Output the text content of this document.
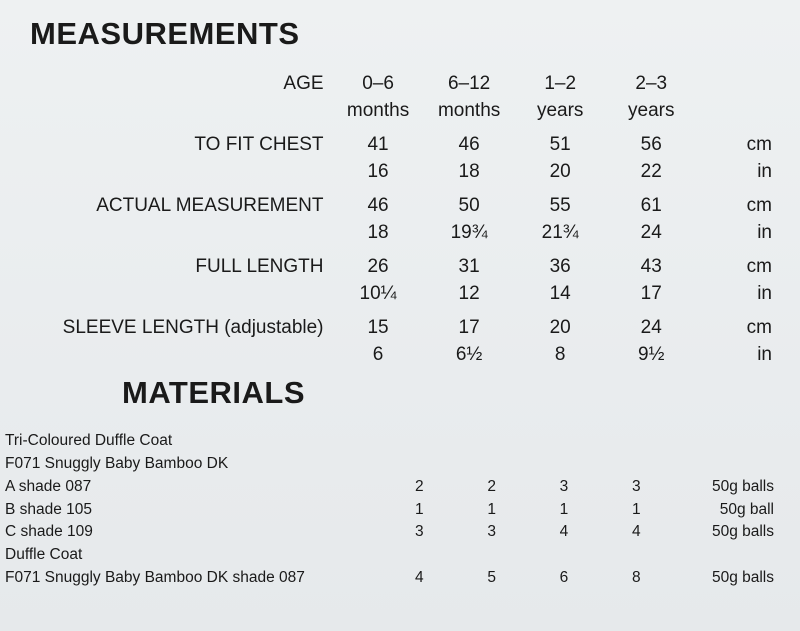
MEASUREMENTS
AGE	0–6	6–12	1–2	2–3	
	months	months	years	years	

TO FIT CHEST	41	46	51	56	cm
	16	18	20	22	in

ACTUAL MEASUREMENT	46	50	55	61	cm
	18	19¾	21¾	24	in

FULL LENGTH	26	31	36	43	cm
	10¼	12	14	17	in

SLEEVE LENGTH (adjustable)	15	17	20	24	cm
	6	6½	8	9½	in
MATERIALS
Tri-Coloured Duffle Coat					
F071 Snuggly Baby Bamboo DK					
A shade 087	2	2	3	3	50g balls
B shade 105	1	1	1	1	50g ball
C shade 109	3	3	4	4	50g balls
Duffle Coat					
F071 Snuggly Baby Bamboo DK shade 087	4	5	6	8	50g balls
